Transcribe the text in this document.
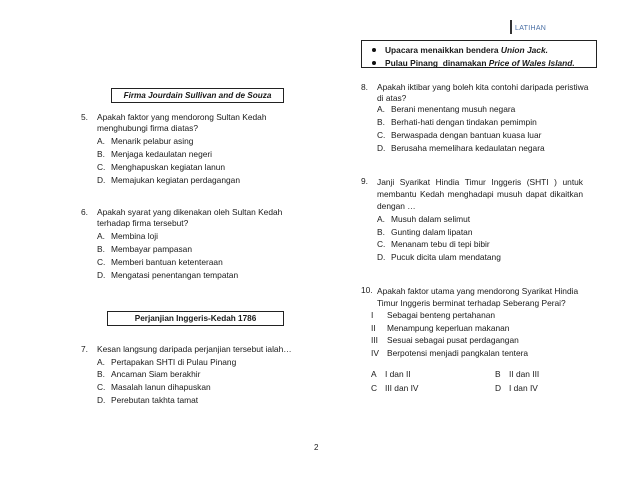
LATIHAN
Upacara menaikkan bendera Union Jack.
Pulau Pinang  dinamakan Price of Wales Island.
Firma Jourdain Sullivan and de Souza
Perjanjian Inggeris-Kedah 1786
5.	Apakah faktor yang mendorong Sultan Kedah menghubungi firma diatas?
A. Menarik pelabur asing
B. Menjaga kedaulatan negeri
C. Menghapuskan kegiatan lanun
D. Memajukan kegiatan perdagangan
6.	Apakah syarat yang dikenakan oleh Sultan Kedah terhadap firma tersebut?
A. Membina loji
B. Membayar pampasan
C. Memberi bantuan ketenteraan
D. Mengatasi penentangan tempatan
7.	Kesan langsung daripada perjanjian tersebut ialah…
A. Pertapakan SHTI di Pulau Pinang
B. Ancaman Siam berakhir
C. Masalah lanun dihapuskan
D. Perebutan takhta tamat
8.	Apakah iktibar yang boleh kita contohi daripada peristiwa di atas?
A. Berani menentang musuh negara
B. Berhati-hati dengan tindakan pemimpin
C. Berwaspada dengan bantuan kuasa luar
D. Berusaha memelihara kedaulatan negara
9.	Janji Syarikat Hindia Timur Inggeris (SHTI ) untuk membantu Kedah menghadapi musuh dapat dikaitkan dengan …
A. Musuh dalam selimut
B. Gunting dalam lipatan
C. Menanam tebu di tepi bibir
D. Pucuk dicita ulam mendatang
10. Apakah faktor utama yang mendorong Syarikat Hindia Timur Inggeris berminat terhadap Seberang Perai?
I	Sebagai benteng pertahanan
II	Menampung keperluan makanan
III	Sesuai sebagai pusat perdagangan
IV Berpotensi menjadi pangkalan tentera
A	I dan II	B	II dan III
C III dan IV	D I dan IV
2
